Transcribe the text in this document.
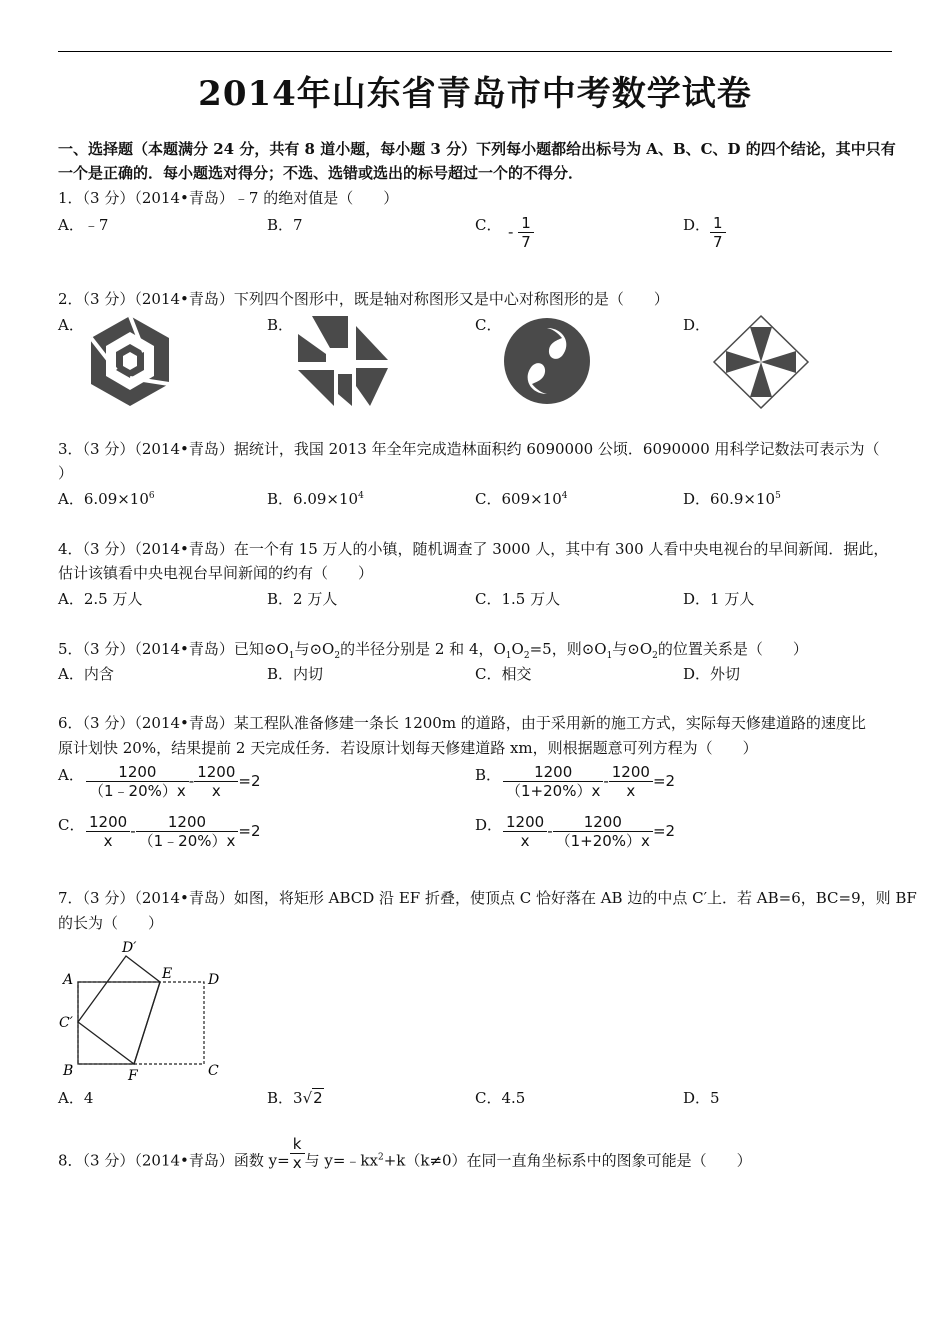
2014年山东省青岛市中考数学试卷
一、选择题（本题满分 24 分，共有 8 道小题，每小题 3 分）下列每小题都给出标号为 A、B、C、D 的四个结论，其中只有
一个是正确的．每小题选对得分；不选、选错或选出的标号超过一个的不得分．
1．（3 分）（2014•青岛）﹣7 的绝对值是（　　）
A．﹣7	B．7	C． - $\frac{1}{7}$	D． $\frac{1}{7}$
2．（3 分）（2014•青岛）下列四个图形中，既是轴对称图形又是中心对称图形的是（　　）
A．	B．	C．	D．
3．（3 分）（2014•青岛）据统计，我国 2013 年全年完成造林面积约 6090000 公顷．6090000 用科学记数法可表示为（
）
A．$6.09\times 10^6$	B．$6.09\times 10^4$	C．$609\times 10^4$	D．$60.9\times 10^5$
4．（3 分）（2014•青岛）在一个有 15 万人的小镇，随机调查了 3000 人，其中有 300 人看中央电视台的早间新闻．据此，
估计该镇看中央电视台早间新闻的约有（　　）
A．2.5 万人	B．2 万人	C．1.5 万人	D．1 万人
5．（3 分）（2014•青岛）已知$⊙O_1$与$⊙O_2$的半径分别是 2 和 4，$O_1O_2=5$，则$⊙O_1$与$⊙O_2$的位置关系是（　　）
A．内含	B．内切	C．相交	D．外切
6．（3 分）（2014•青岛）某工程队准备修建一条长 1200m 的道路，由于采用新的施工方式，实际每天修建道路的速度比
原计划快 20%，结果提前 2 天完成任务．若设原计划每天修建道路 xm，则根据题意可列方程为（　　）
A． $\frac{1200}{(1﹣20\%)x} - \frac{1200}{x} =2$	B． $\frac{1200}{(1+20\%)x} - \frac{1200}{x} =2$
C． $\frac{1200}{x} - \frac{1200}{(1﹣20\%)x} =2$	D． $\frac{1200}{x} - \frac{1200}{(1+20\%)x} =2$
7．（3 分）（2014•青岛）如图，将矩形 ABCD 沿 EF 折叠，使顶点 C 恰好落在 AB 边的中点 C′上．若 AB=6，BC=9，则 BF
的长为（　　）
A
B	C
D
E
F
C′
D′
A．4	B．3√2	C．4.5	D．5
8．（3 分）（2014•青岛）函数 $y= \frac{k}{x}$ 与 $y=﹣kx^2+k(k\ne 0)$在同一直角坐标系中的图象可能是（　　）
